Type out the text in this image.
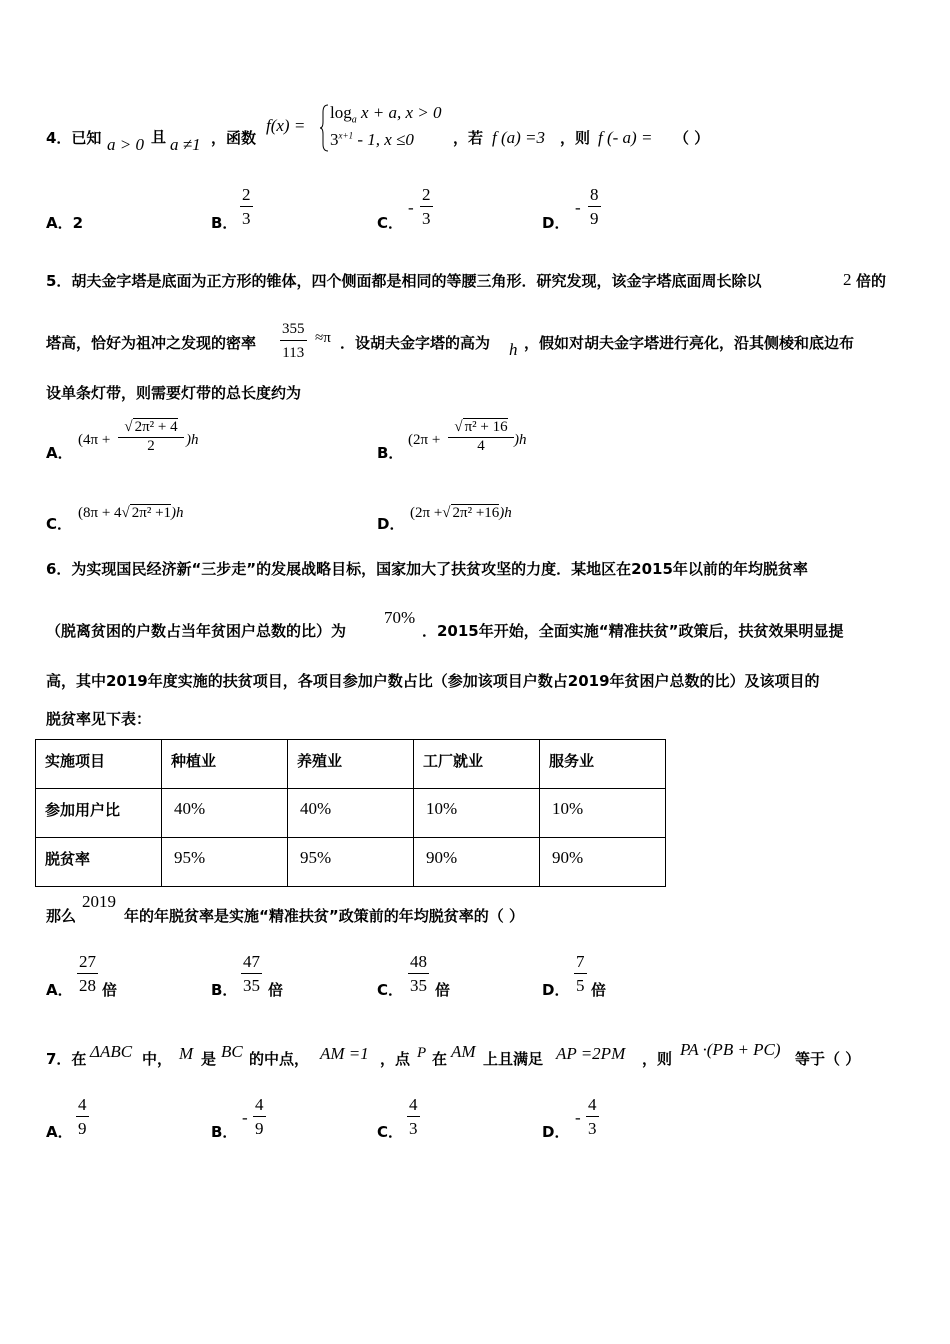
4．已知 a > 0 且 a ≠1 ，函数
f(x) =
$\log_a x + a$, x > 0
$3^{x+1} - 1$, x ≤0	，若 f (a) =3 ，则 f (- a) = （ ）
A．2	B． $\frac{2}{3}$	C．
- $\frac{2}{3}$	D．
- $\frac{8}{9}$
5．胡夫金字塔是底面为正方形的锥体，四个侧面都是相同的等腰三角形．研究发现，该金字塔底面周长除以	2 倍的
塔高，恰好为祖冲之发现的密率 $\frac{355}{113} \approx\pi$ ．设胡夫金字塔的高为 h ，假如对胡夫金字塔进行亮化，沿其侧棱和底边布
设单条灯带，则需要灯带的总长度约为
A．
(4π +
√ 2π² + 4
2	)h
B．
(2π +
√ π² + 16
4	)h
C．
(8π + 4√ 2π² +1)h
D．
(2π +√ 2π² +16)h
6．为实现国民经济新“三步走”的发展战略目标，国家加大了扶贫攻坚的力度．某地区在2015年以前的年均脱贫率
（脱离贫困的户数占当年贫困户总数的比）为
70%
．2015年开始，全面实施“精准扶贫”政策后，扶贫效果明显提
高，其中2019年度实施的扶贫项目，各项目参加户数占比（参加该项目户数占2019年贫困户总数的比）及该项目的
脱贫率见下表：
实施项目	种植业	养殖业	工厂就业	服务业
参加用户比	40%	40%	10%	10%
脱贫率	95%	95%	90%	90%
那么
2019
年的年脱贫率是实施“精准扶贫”政策前的年均脱贫率的（ ）
A． $\frac{27}{28}$ 倍	B． $\frac{47}{35}$ 倍	C． $\frac{48}{35}$ 倍	D． $\frac{7}{5}$ 倍
7．在 ΔABC 中， M 是 BC 的中点， AM =1 ，点 P 在 AM 上且满足 AP =2PM ，则 PA ·(PB + PC) 等于（ ）
A． $\frac{4}{9}$	B．
- $\frac{4}{9}$	C． $\frac{4}{3}$	D．
- $\frac{4}{3}$
